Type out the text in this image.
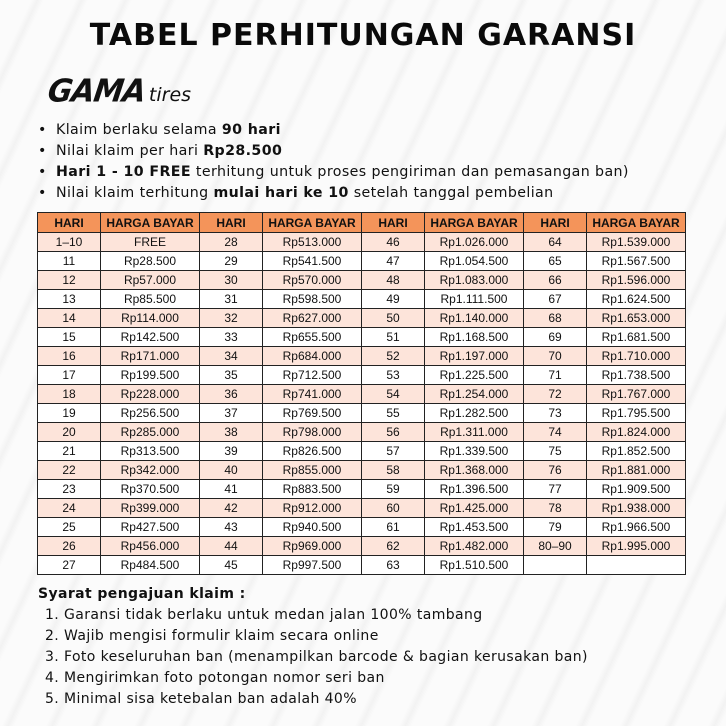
TABEL PERHITUNGAN GARANSI
GAMA tires
• Klaim berlaku selama 90 hari
• Nilai klaim per hari Rp28.500
• Hari 1 - 10 FREE terhitung untuk proses pengiriman dan pemasangan ban)
• Nilai klaim terhitung mulai hari ke 10 setelah tanggal pembelian
HARI	HARGA BAYAR	HARI	HARGA BAYAR	HARI	HARGA BAYAR	HARI	HARGA BAYAR
1–10	FREE	28	Rp513.000	46	Rp1.026.000	64	Rp1.539.000
11	Rp28.500	29	Rp541.500	47	Rp1.054.500	65	Rp1.567.500
12	Rp57.000	30	Rp570.000	48	Rp1.083.000	66	Rp1.596.000
13	Rp85.500	31	Rp598.500	49	Rp1.111.500	67	Rp1.624.500
14	Rp114.000	32	Rp627.000	50	Rp1.140.000	68	Rp1.653.000
15	Rp142.500	33	Rp655.500	51	Rp1.168.500	69	Rp1.681.500
16	Rp171.000	34	Rp684.000	52	Rp1.197.000	70	Rp1.710.000
17	Rp199.500	35	Rp712.500	53	Rp1.225.500	71	Rp1.738.500
18	Rp228.000	36	Rp741.000	54	Rp1.254.000	72	Rp1.767.000
19	Rp256.500	37	Rp769.500	55	Rp1.282.500	73	Rp1.795.500
20	Rp285.000	38	Rp798.000	56	Rp1.311.000	74	Rp1.824.000
21	Rp313.500	39	Rp826.500	57	Rp1.339.500	75	Rp1.852.500
22	Rp342.000	40	Rp855.000	58	Rp1.368.000	76	Rp1.881.000
23	Rp370.500	41	Rp883.500	59	Rp1.396.500	77	Rp1.909.500
24	Rp399.000	42	Rp912.000	60	Rp1.425.000	78	Rp1.938.000
25	Rp427.500	43	Rp940.500	61	Rp1.453.500	79	Rp1.966.500
26	Rp456.000	44	Rp969.000	62	Rp1.482.000	80–90	Rp1.995.000
27	Rp484.500	45	Rp997.500	63	Rp1.510.500		
Syarat pengajuan klaim :
1. Garansi tidak berlaku untuk medan jalan 100% tambang
2. Wajib mengisi formulir klaim secara online
3. Foto keseluruhan ban (menampilkan barcode & bagian kerusakan ban)
4. Mengirimkan foto potongan nomor seri ban
5. Minimal sisa ketebalan ban adalah 40%
